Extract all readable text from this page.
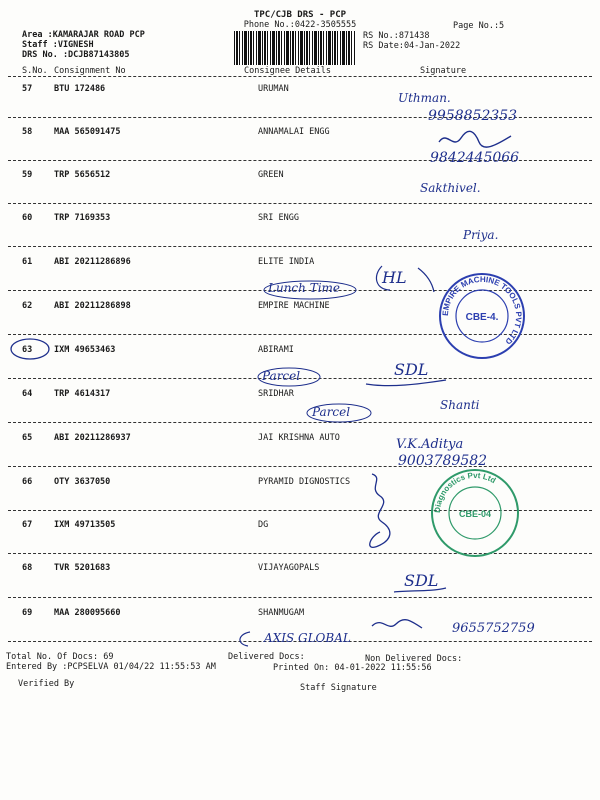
TPC/CJB DRS - PCP
Phone No.:0422-3505555	Page No.:5
Area :KAMARAJAR ROAD PCP
Staff :VIGNESH
DRS No. :DCJB87143805
RS No.:871438
RS Date:04-Jan-2022
S.No. Consignment No	Consignee Details	Signature
57	BTU 172486	URUMAN
58	MAA 565091475	ANNAMALAI ENGG
59	TRP 5656512	GREEN
60	TRP 7169353	SRI ENGG
61	ABI 20211286896	ELITE INDIA
62	ABI 20211286898	EMPIRE MACHINE
63	IXM 49653463	ABIRAMI
64	TRP 4614317	SRIDHAR
65	ABI 20211286937	JAI KRISHNA AUTO
66	OTY 3637050	PYRAMID DIGNOSTICS
67	IXM 49713505	DG
68	TVR 5201683	VIJAYAGOPALS
69	MAA 280095660	SHANMUGAM
Uthman.
9958852353
9842445066
Sakthivel.
Priya.
Lunch Time
HL
Parcel	SDL
Parcel	Shanti
V.K.Aditya
9003789582
SDL
AXIS GLOBAL
9655752759
EMPIRE MACHINE TOOLS PVT LTD
CBE-4.
Diagnostics Pvt Ltd
CBE-04
Total No. Of Docs: 69	Delivered Docs:	Non Delivered Docs:
Entered By :PCPSELVA 01/04/22 11:55:53 AM	Printed On: 04-01-2022 11:55:56
Verified By	Staff Signature
